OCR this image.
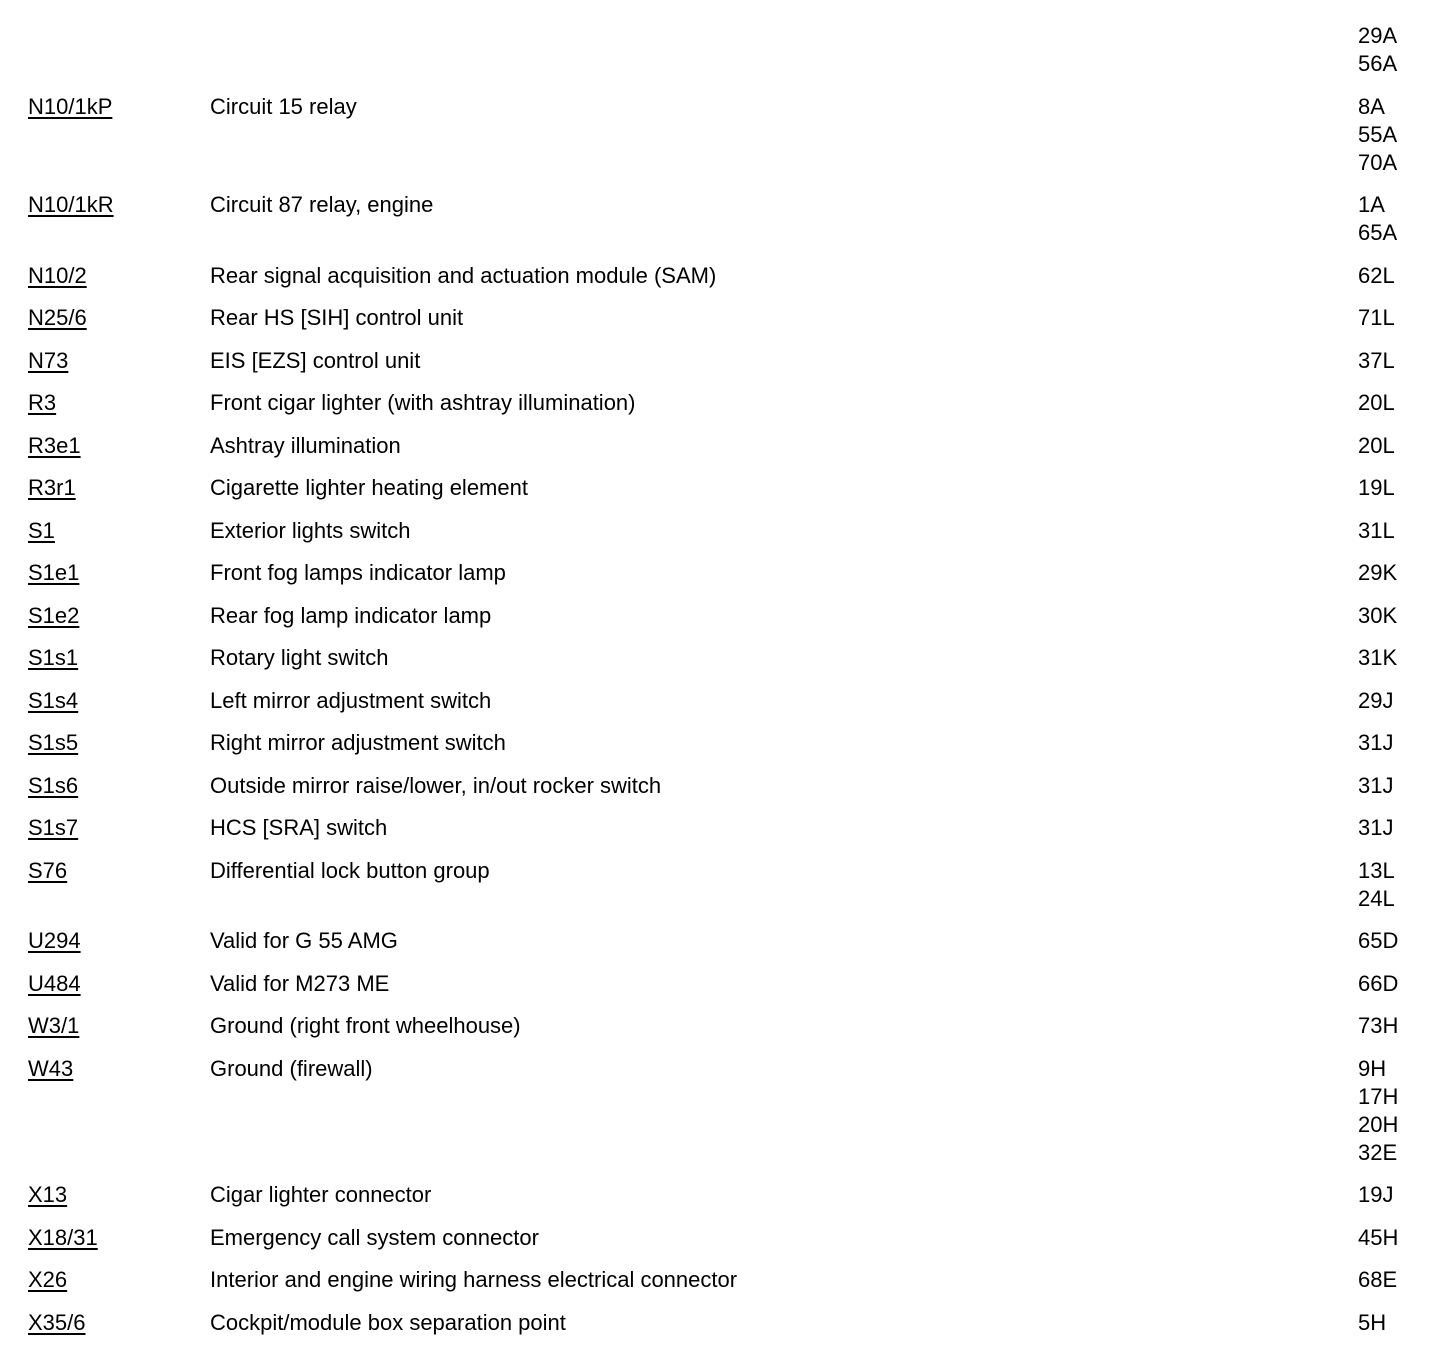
29A
56A
N10/1kP	Circuit 15 relay	8A
55A
70A
N10/1kR	Circuit 87 relay, engine	1A
65A
N10/2	Rear signal acquisition and actuation module (SAM)	62L
N25/6	Rear HS [SIH] control unit	71L
N73	EIS [EZS] control unit	37L
R3	Front cigar lighter (with ashtray illumination)	20L
R3e1	Ashtray illumination	20L
R3r1	Cigarette lighter heating element	19L
S1	Exterior lights switch	31L
S1e1	Front fog lamps indicator lamp	29K
S1e2	Rear fog lamp indicator lamp	30K
S1s1	Rotary light switch	31K
S1s4	Left mirror adjustment switch	29J
S1s5	Right mirror adjustment switch	31J
S1s6	Outside mirror raise/lower, in/out rocker switch	31J
S1s7	HCS [SRA] switch	31J
S76	Differential lock button group	13L
24L
U294	Valid for G 55 AMG	65D
U484	Valid for M273 ME	66D
W3/1	Ground (right front wheelhouse)	73H
W43	Ground (firewall)	9H
17H
20H
32E
X13	Cigar lighter connector	19J
X18/31	Emergency call system connector	45H
X26	Interior and engine wiring harness electrical connector	68E
X35/6	Cockpit/module box separation point	5H
